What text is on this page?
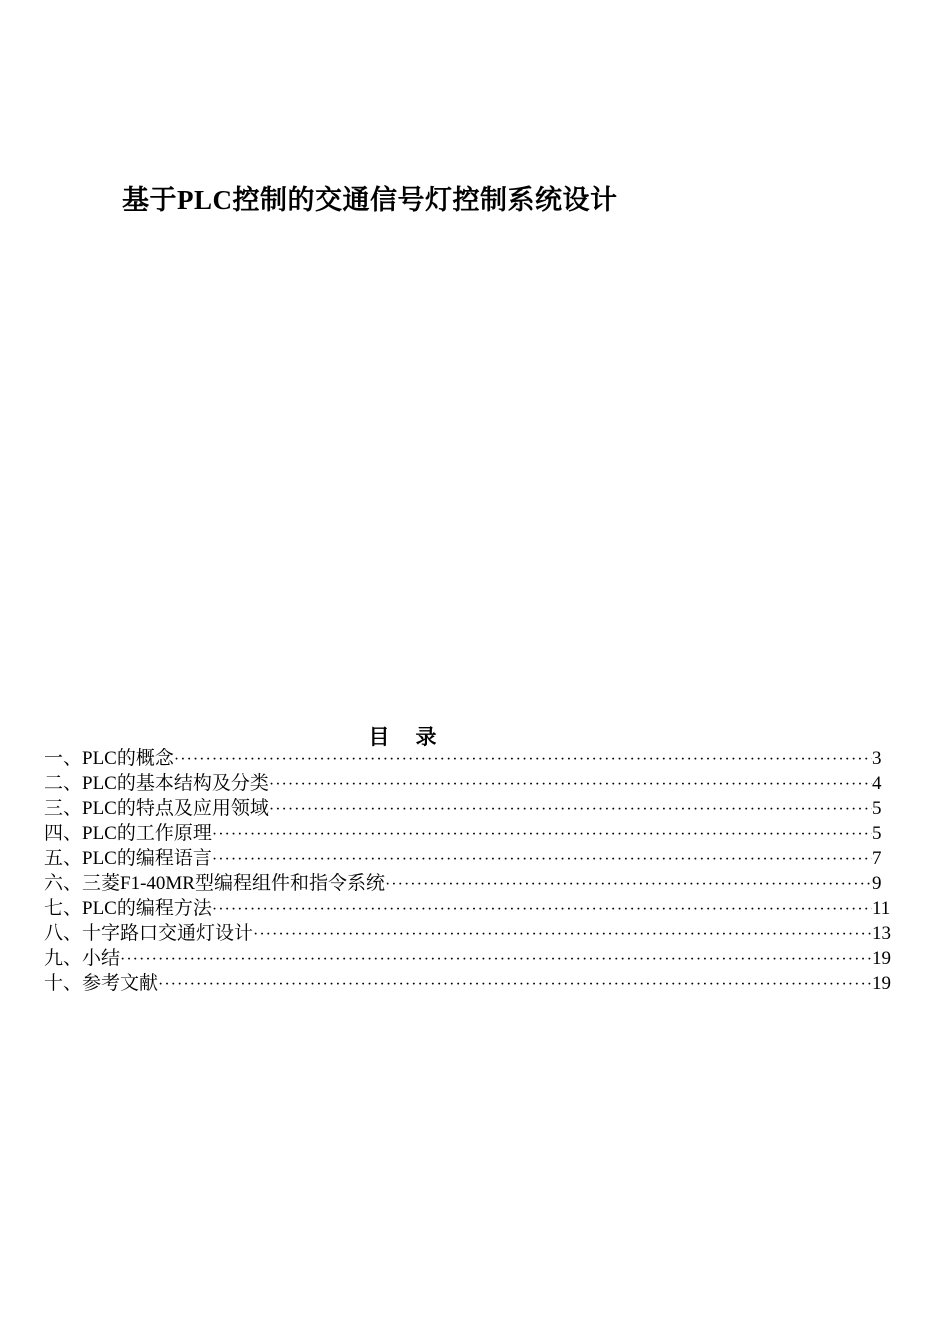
基于PLC控制的交通信号灯控制系统设计
目    录
一、PLC的概念 ·····	3
二、PLC的基本结构及分类 ·····	4
三、PLC的特点及应用领域 ·····	5
四、PLC的工作原理 ·····	5
五、PLC的编程语言 ·····	7
六、三菱F1-40MR型编程组件和指令系统 ·····	9
七、PLC的编程方法 ·····	11
八、十字路口交通灯设计 ·····	13
九、小结 ·····	19
十、参考文献 ·····	19
